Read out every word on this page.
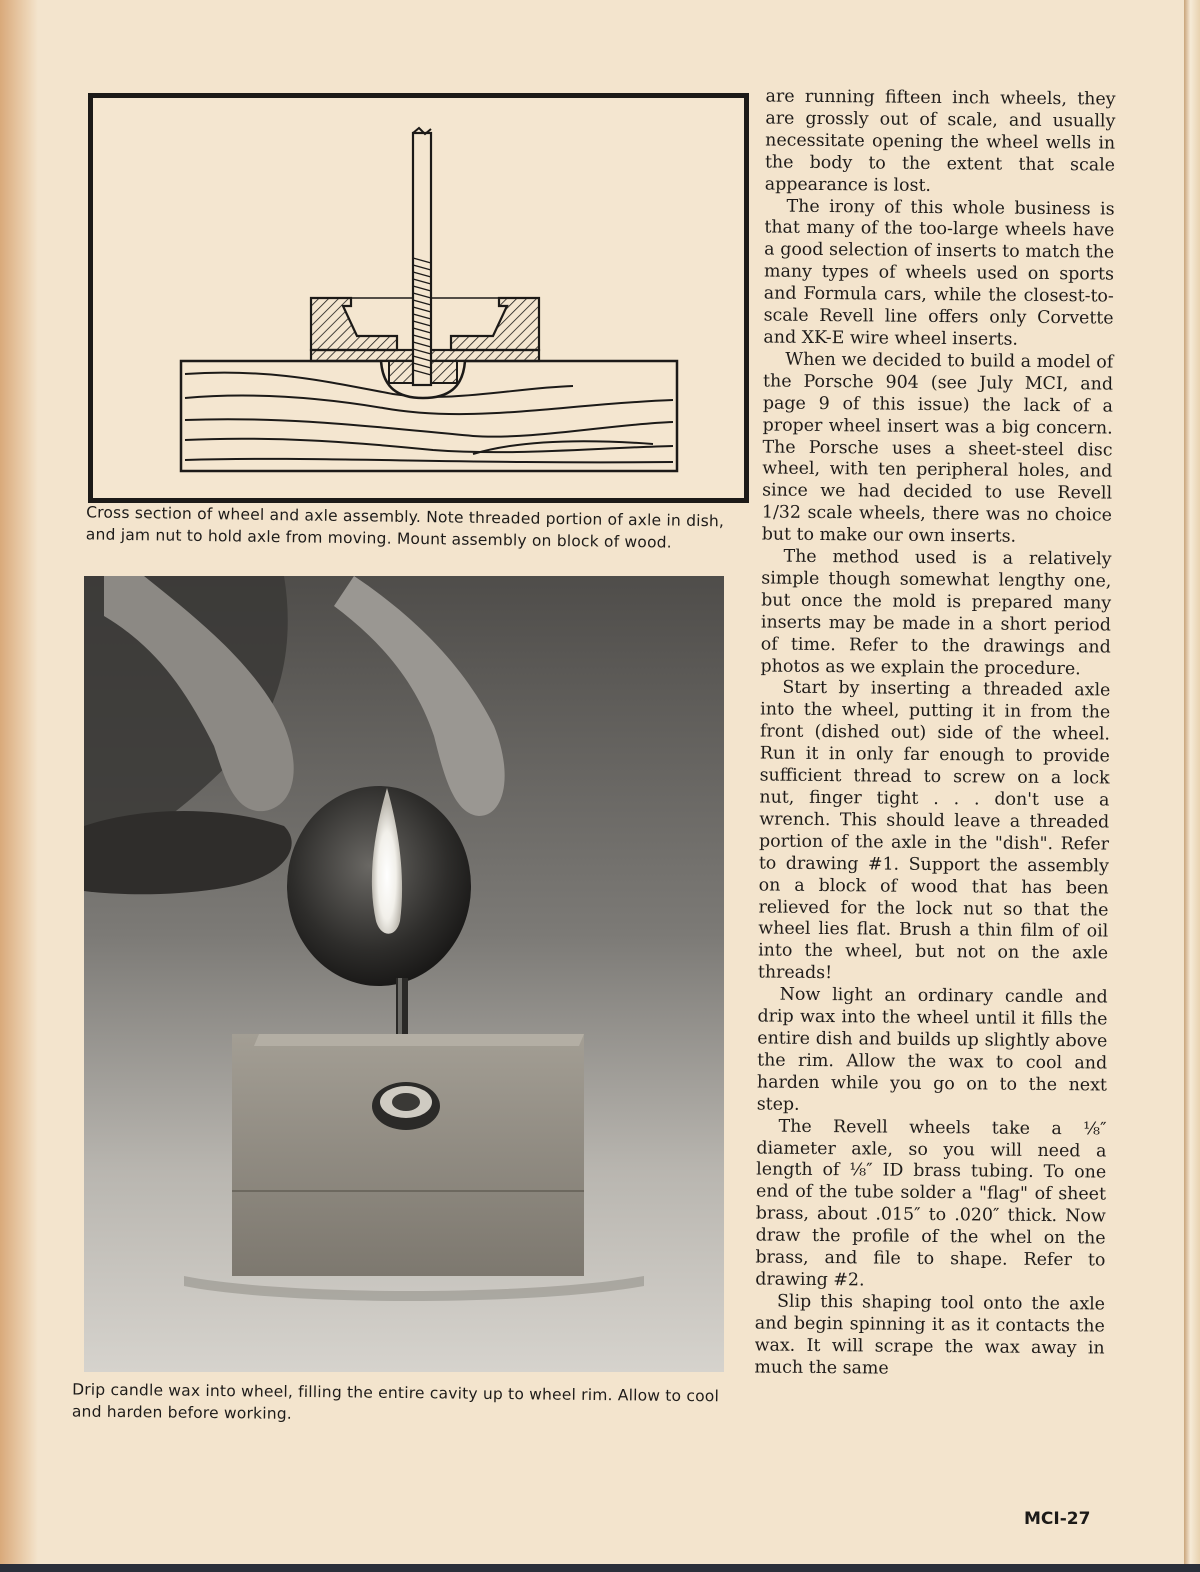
Cross section of wheel and axle assembly. Note threaded portion of axle in dish, and jam nut to hold axle from moving. Mount assembly on block of wood.
Drip candle wax into wheel, filling the entire cavity up to wheel rim. Allow to cool and harden before working.

are running fifteen inch wheels, they are grossly out of scale, and usually necessitate opening the wheel wells in the body to the extent that scale appearance is lost.

The irony of this whole business is that many of the too-large wheels have a good selection of inserts to match the many types of wheels used on sports and Formula cars, while the closest-to-scale Revell line offers only Corvette and XK-E wire wheel inserts.

When we decided to build a model of the Porsche 904 (see July MCI, and page 9 of this issue) the lack of a proper wheel insert was a big concern. The Porsche uses a sheet-steel disc wheel, with ten peripheral holes, and since we had decided to use Revell 1/32 scale wheels, there was no choice but to make our own inserts.

The method used is a relatively simple though somewhat lengthy one, but once the mold is prepared many inserts may be made in a short period of time. Refer to the drawings and photos as we explain the procedure.

Start by inserting a threaded axle into the wheel, putting it in from the front (dished out) side of the wheel. Run it in only far enough to provide sufficient thread to screw on a lock nut, finger tight . . . don't use a wrench. This should leave a threaded portion of the axle in the "dish". Refer to drawing #1. Support the assembly on a block of wood that has been relieved for the lock nut so that the wheel lies flat. Brush a thin film of oil into the wheel, but not on the axle threads!

Now light an ordinary candle and drip wax into the wheel until it fills the entire dish and builds up slightly above the rim. Allow the wax to cool and harden while you go on to the next step.

The Revell wheels take a ⅛″ diameter axle, so you will need a length of ⅛″ ID brass tubing. To one end of the tube solder a "flag" of sheet brass, about .015″ to .020″ thick. Now draw the profile of the whel on the brass, and file to shape. Refer to drawing #2.

Slip this shaping tool onto the axle and begin spinning it as it contacts the wax. It will scrape the wax away in much the same

MCI-27
